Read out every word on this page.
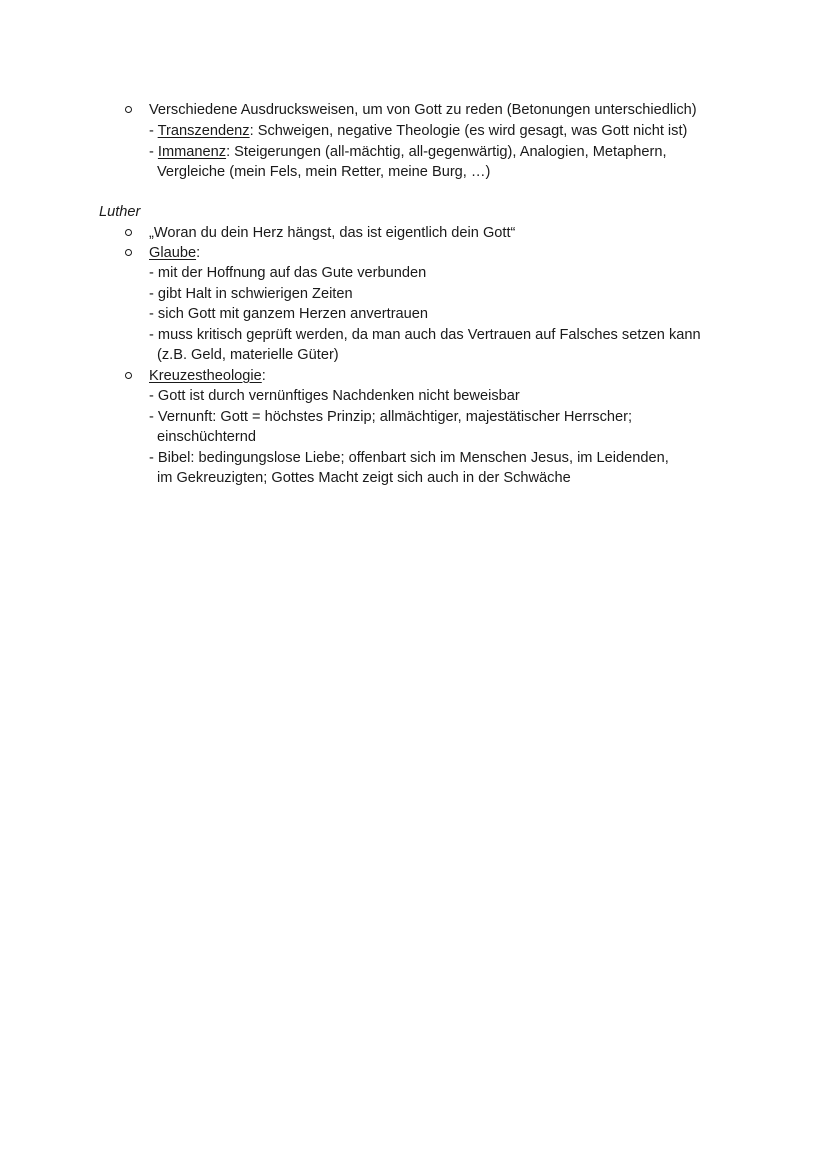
Verschiedene Ausdrucksweisen, um von Gott zu reden (Betonungen unterschiedlich)
- Transzendenz: Schweigen, negative Theologie (es wird gesagt, was Gott nicht ist)
- Immanenz: Steigerungen (all-mächtig, all-gegenwärtig), Analogien, Metaphern,
Vergleiche (mein Fels, mein Retter, meine Burg, …)
Luther
„Woran du dein Herz hängst, das ist eigentlich dein Gott“
Glaube:
- mit der Hoffnung auf das Gute verbunden
- gibt Halt in schwierigen Zeiten
- sich Gott mit ganzem Herzen anvertrauen
- muss kritisch geprüft werden, da man auch das Vertrauen auf Falsches setzen kann
(z.B. Geld, materielle Güter)
Kreuzestheologie:
- Gott ist durch vernünftiges Nachdenken nicht beweisbar
- Vernunft: Gott = höchstes Prinzip; allmächtiger, majestätischer Herrscher;
einschüchternd
- Bibel: bedingungslose Liebe; offenbart sich im Menschen Jesus, im Leidenden,
im Gekreuzigten; Gottes Macht zeigt sich auch in der Schwäche
